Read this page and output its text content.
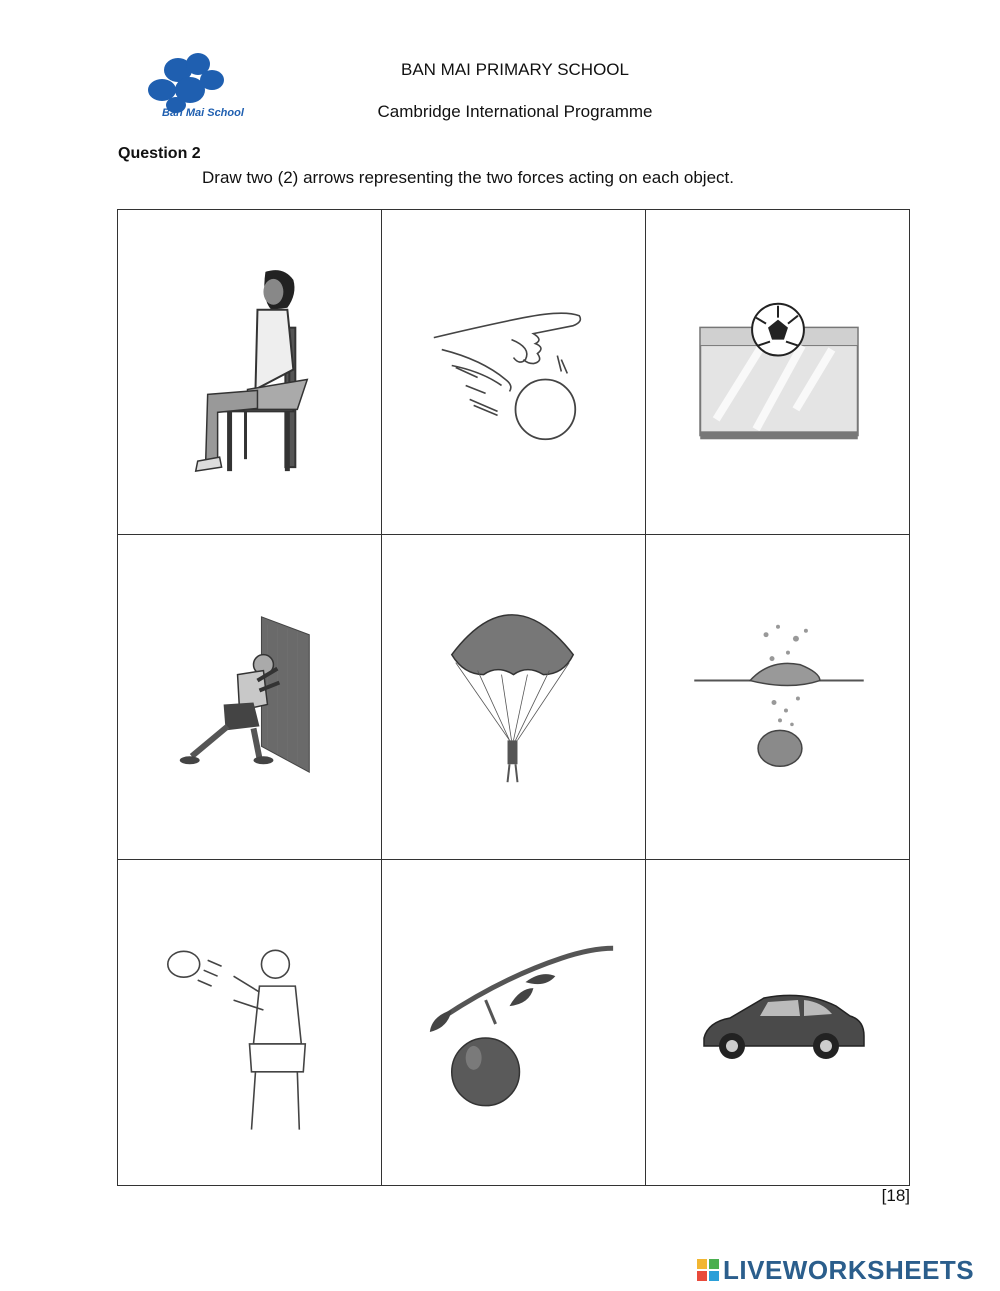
Ban Mai School
BAN MAI PRIMARY SCHOOL
Cambridge International Programme
Question 2
Draw two (2) arrows representing the two forces acting on each object.
[18]
LIVEWORKSHEETS
